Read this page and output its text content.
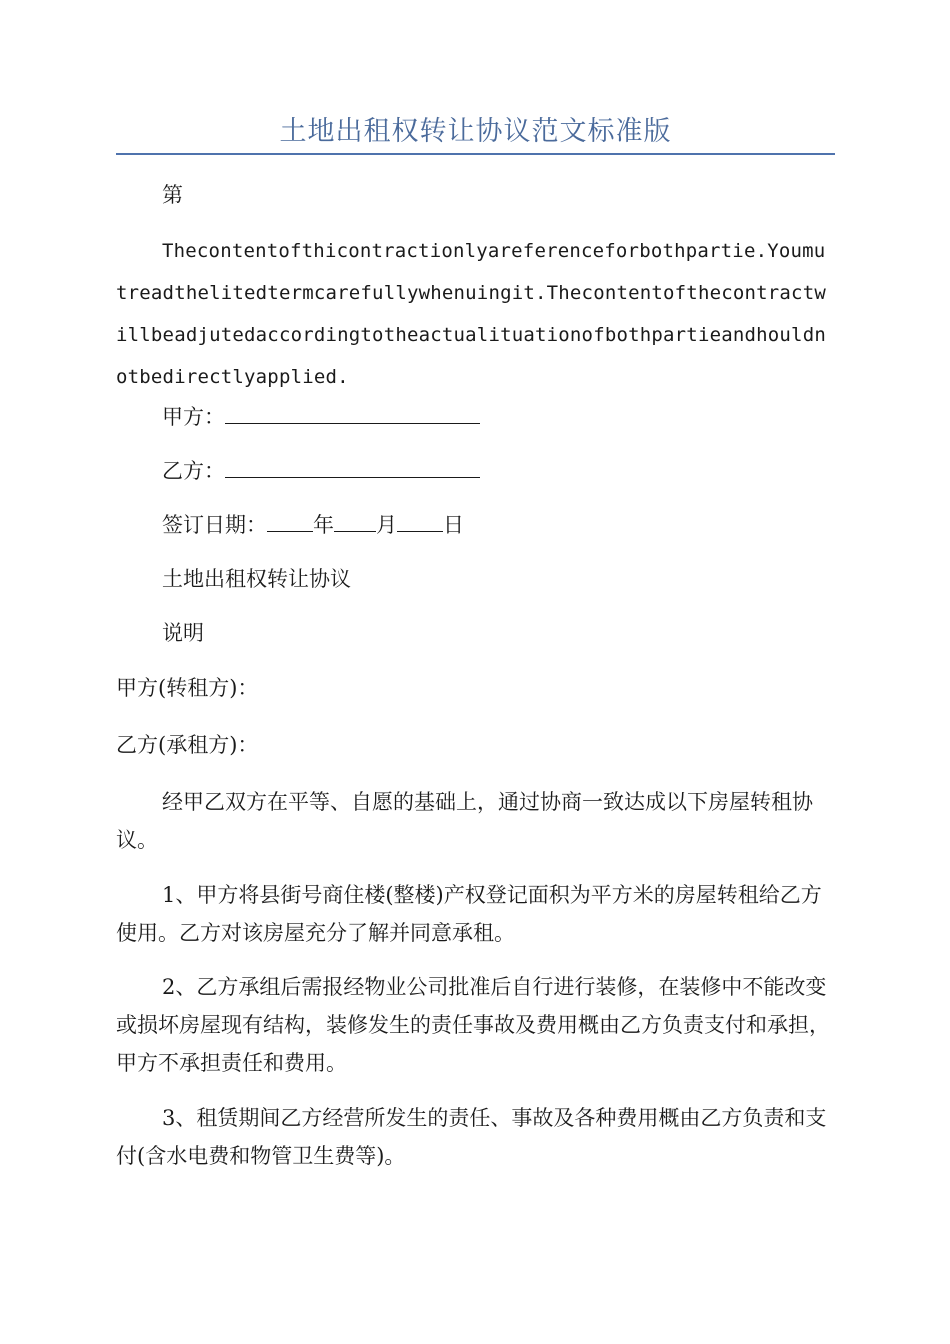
土地出租权转让协议范文标准版

第

Thecontentofthicontractionlyareferenceforbothpartie.Youmutreadthelitedtermcarefullywhenuingit.Thecontentofthecontractwillbeadjutedaccordingtotheactualituationofbothpartieandhouldnotbedirectlyapplied.

甲方：

乙方：

签订日期： 年 月 日

土地出租权转让协议

说明

甲方(转租方)：

乙方(承租方)：

经甲乙双方在平等、自愿的基础上，通过协商一致达成以下房屋转租协议。

1、甲方将县街号商住楼(整楼)产权登记面积为平方米的房屋转租给乙方使用。乙方对该房屋充分了解并同意承租。

2、乙方承组后需报经物业公司批准后自行进行装修，在装修中不能改变或损坏房屋现有结构，装修发生的责任事故及费用概由乙方负责支付和承担，甲方不承担责任和费用。

3、租赁期间乙方经营所发生的责任、事故及各种费用概由乙方负责和支付(含水电费和物管卫生费等)。
